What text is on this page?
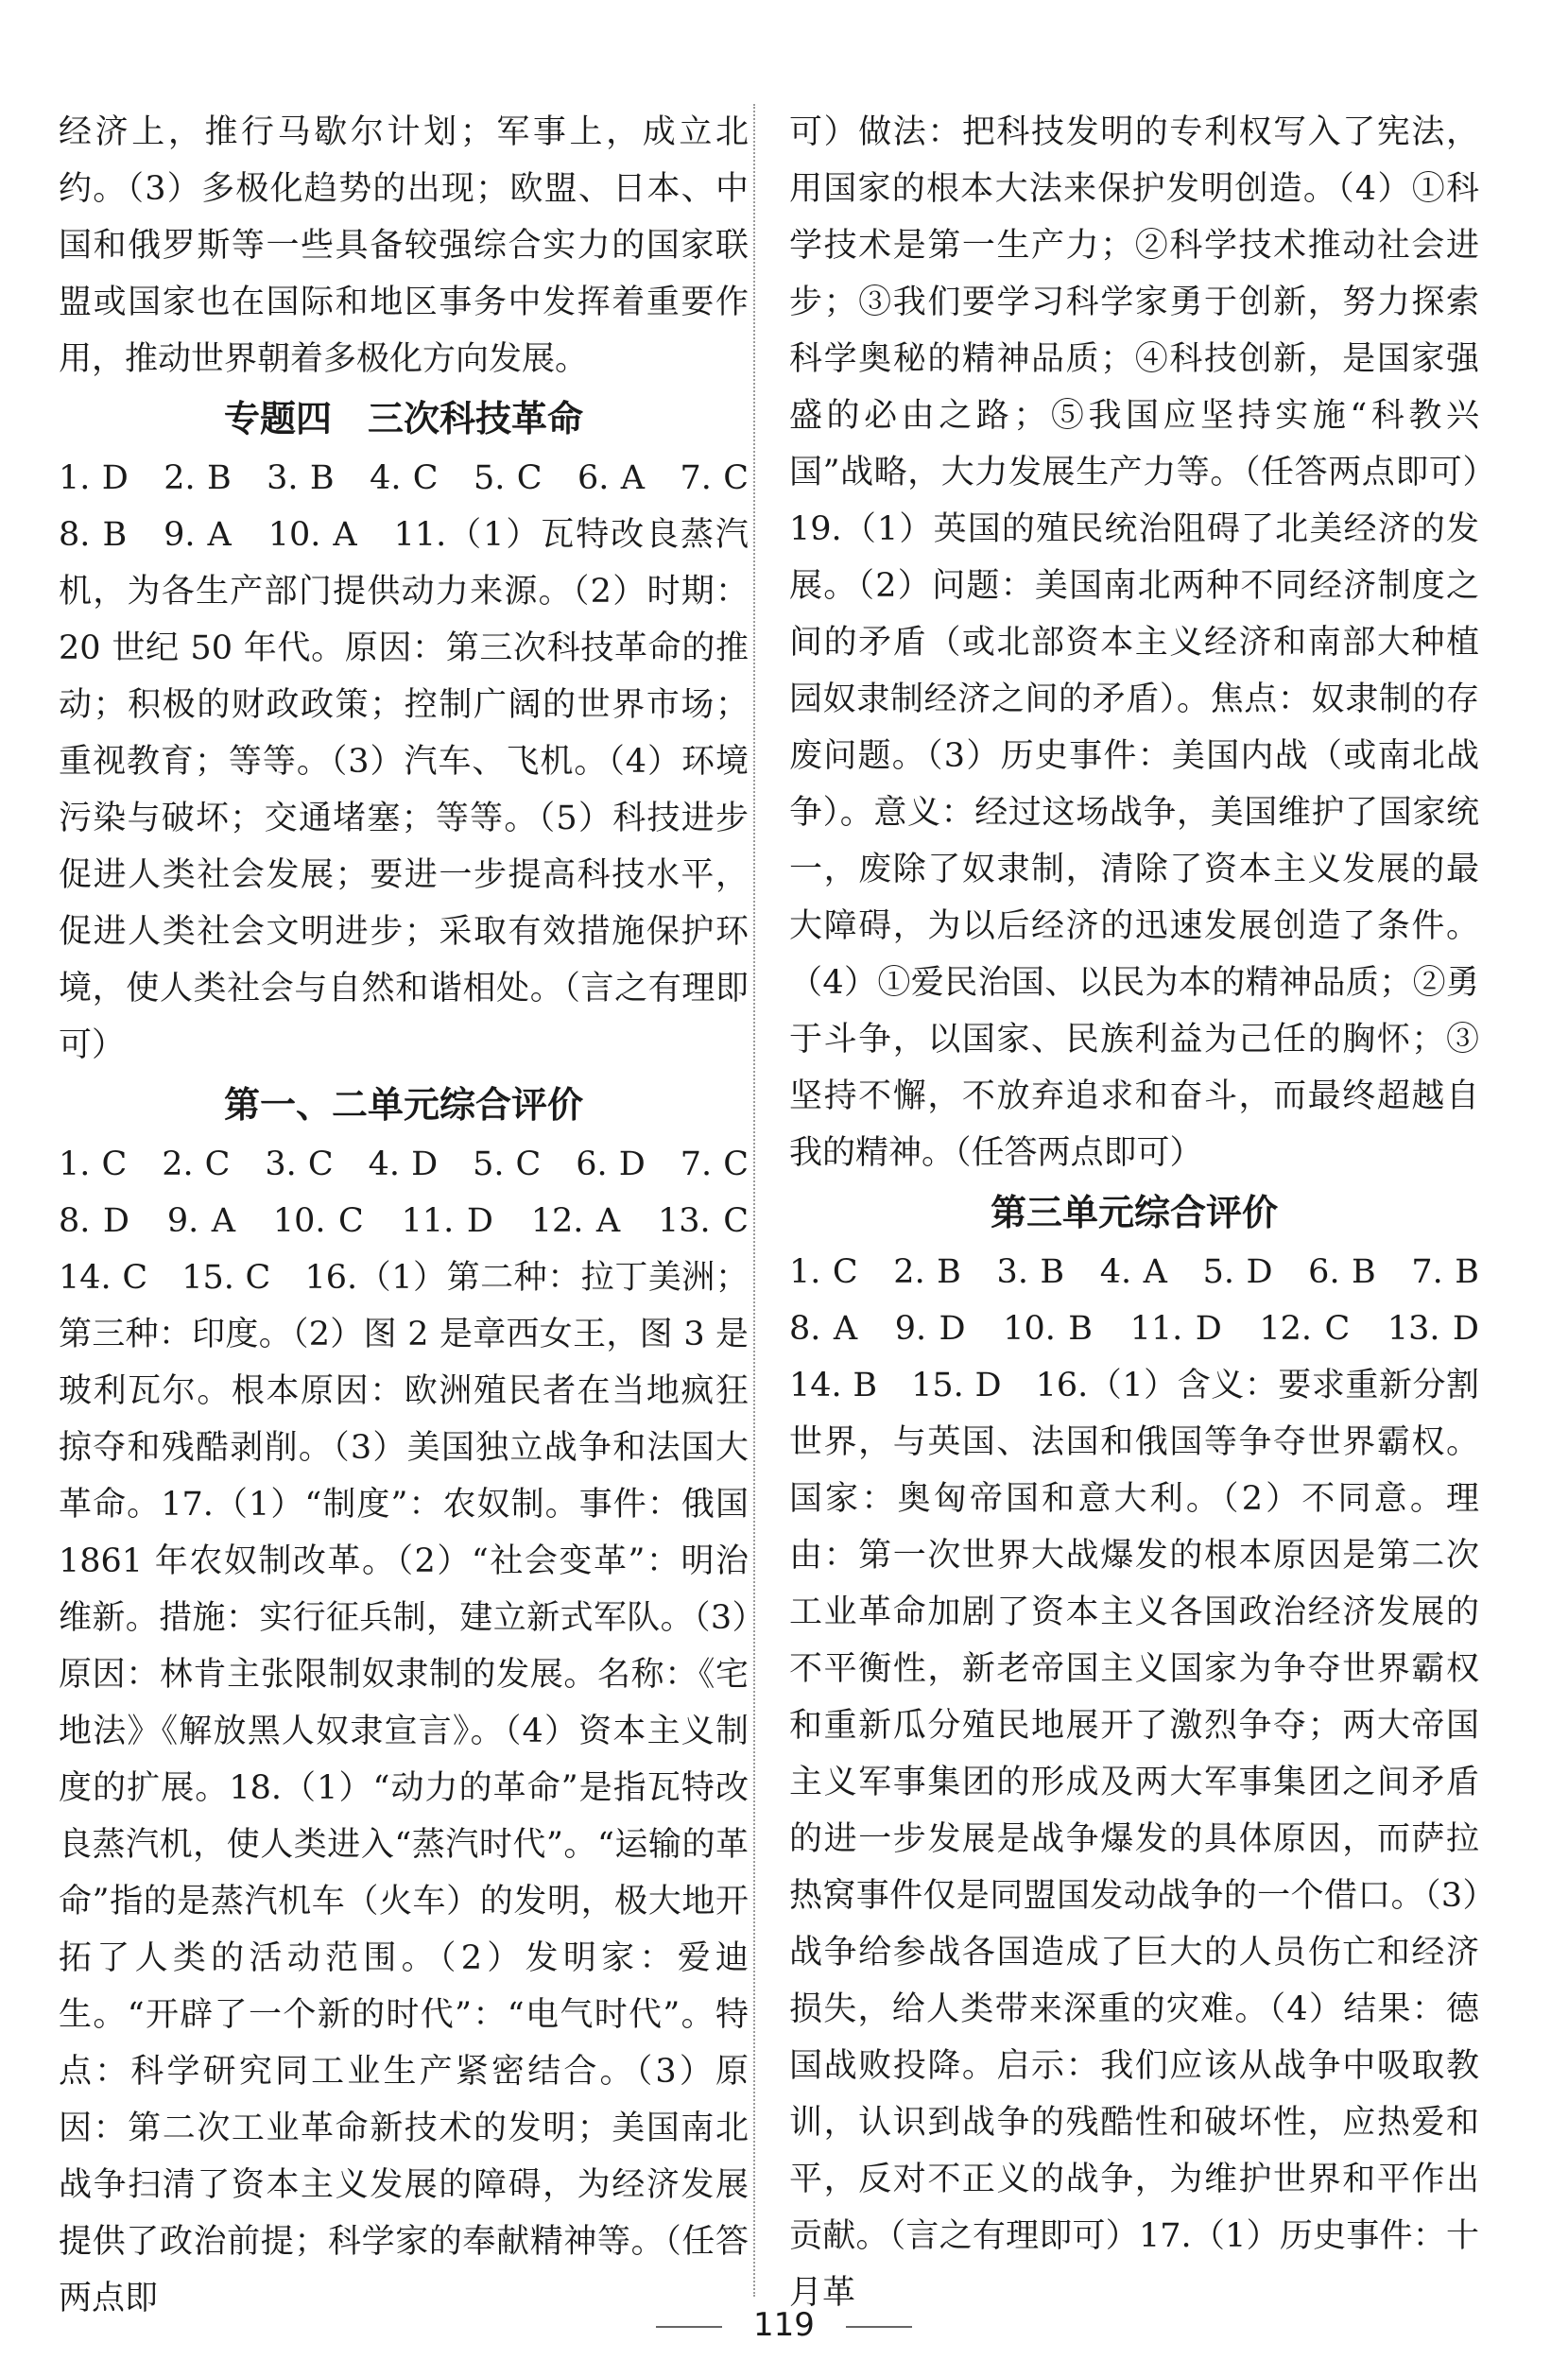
经济上，推行马歇尔计划；军事上，成立北约。（3）多极化趋势的出现；欧盟、日本、中国和俄罗斯等一些具备较强综合实力的国家联盟或国家也在国际和地区事务中发挥着重要作用，推动世界朝着多极化方向发展。

专题四　三次科技革命

1. D　2. B　3. B　4. C　5. C　6. A　7. C　8. B　9. A　10. A　11.（1）瓦特改良蒸汽机，为各生产部门提供动力来源。（2）时期：20 世纪 50 年代。原因：第三次科技革命的推动；积极的财政政策；控制广阔的世界市场；重视教育；等等。（3）汽车、飞机。（4）环境污染与破坏；交通堵塞；等等。（5）科技进步促进人类社会发展；要进一步提高科技水平，促进人类社会文明进步；采取有效措施保护环境，使人类社会与自然和谐相处。（言之有理即可）

第一、二单元综合评价

1. C　2. C　3. C　4. D　5. C　6. D　7. C　8. D　9. A　10. C　11. D　12. A　13. C　14. C　15. C　16.（1）第二种：拉丁美洲；第三种：印度。（2）图 2 是章西女王，图 3 是玻利瓦尔。根本原因：欧洲殖民者在当地疯狂掠夺和残酷剥削。（3）美国独立战争和法国大革命。17.（1）“制度”：农奴制。事件：俄国 1861 年农奴制改革。（2）“社会变革”：明治维新。措施：实行征兵制，建立新式军队。（3）原因：林肯主张限制奴隶制的发展。名称：《宅地法》《解放黑人奴隶宣言》。（4）资本主义制度的扩展。18.（1）“动力的革命”是指瓦特改良蒸汽机，使人类进入“蒸汽时代”。“运输的革命”指的是蒸汽机车（火车）的发明，极大地开拓了人类的活动范围。（2）发明家：爱迪生。“开辟了一个新的时代”：“电气时代”。特点：科学研究同工业生产紧密结合。（3）原因：第二次工业革命新技术的发明；美国南北战争扫清了资本主义发展的障碍，为经济发展提供了政治前提；科学家的奉献精神等。（任答两点即

可）做法：把科技发明的专利权写入了宪法，用国家的根本大法来保护发明创造。（4）①科学技术是第一生产力；②科学技术推动社会进步；③我们要学习科学家勇于创新，努力探索科学奥秘的精神品质；④科技创新，是国家强盛的必由之路；⑤我国应坚持实施“科教兴国”战略，大力发展生产力等。（任答两点即可）19.（1）英国的殖民统治阻碍了北美经济的发展。（2）问题：美国南北两种不同经济制度之间的矛盾（或北部资本主义经济和南部大种植园奴隶制经济之间的矛盾）。焦点：奴隶制的存废问题。（3）历史事件：美国内战（或南北战争）。意义：经过这场战争，美国维护了国家统一，废除了奴隶制，清除了资本主义发展的最大障碍，为以后经济的迅速发展创造了条件。（4）①爱民治国、以民为本的精神品质；②勇于斗争，以国家、民族利益为己任的胸怀；③坚持不懈，不放弃追求和奋斗，而最终超越自我的精神。（任答两点即可）

第三单元综合评价

1. C　2. B　3. B　4. A　5. D　6. B　7. B　8. A　9. D　10. B　11. D　12. C　13. D　14. B　15. D　16.（1）含义：要求重新分割世界，与英国、法国和俄国等争夺世界霸权。国家：奥匈帝国和意大利。（2）不同意。理由：第一次世界大战爆发的根本原因是第二次工业革命加剧了资本主义各国政治经济发展的不平衡性，新老帝国主义国家为争夺世界霸权和重新瓜分殖民地展开了激烈争夺；两大帝国主义军事集团的形成及两大军事集团之间矛盾的进一步发展是战争爆发的具体原因，而萨拉热窝事件仅是同盟国发动战争的一个借口。（3）战争给参战各国造成了巨大的人员伤亡和经济损失，给人类带来深重的灾难。（4）结果：德国战败投降。启示：我们应该从战争中吸取教训，认识到战争的残酷性和破坏性，应热爱和平，反对不正义的战争，为维护世界和平作出贡献。（言之有理即可）17.（1）历史事件：十月革

119
